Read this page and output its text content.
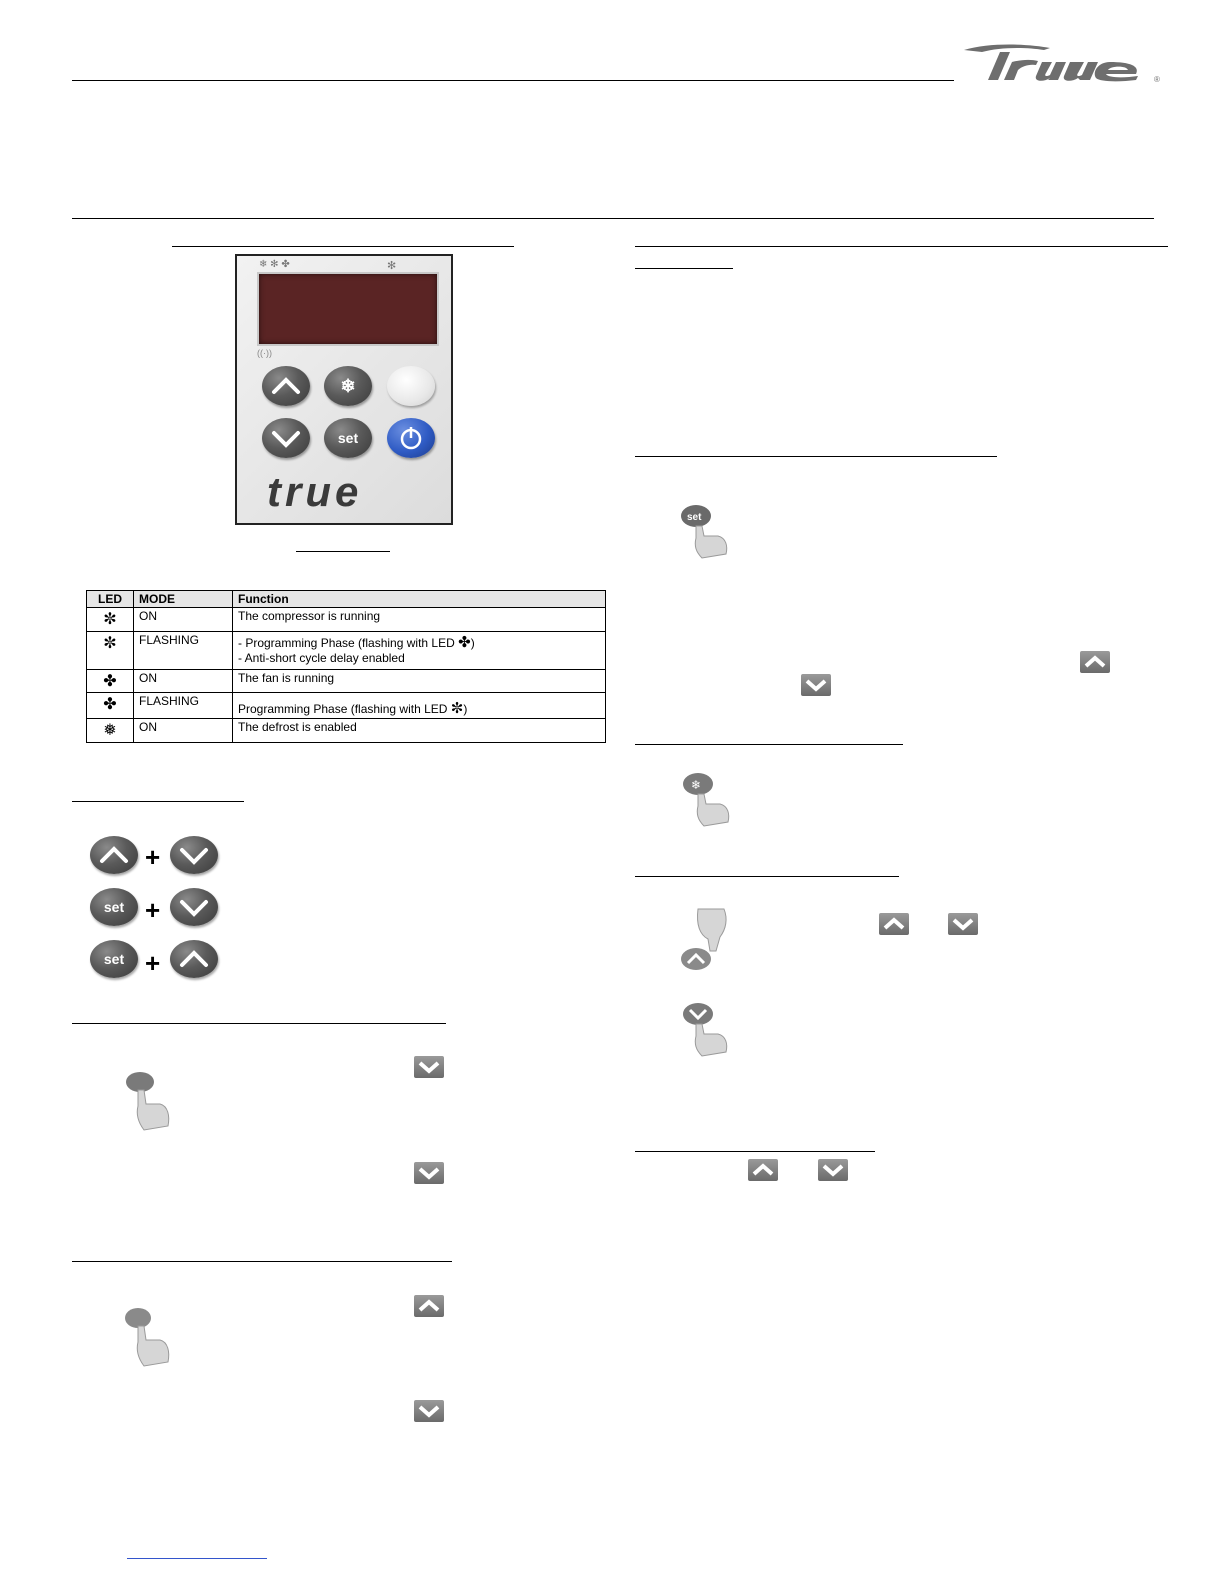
®
❄ ✻ ✤	✻
((·))
❄
set
true
LED	MODE	Function
✼	ON	The compressor is running
✼	FLASHING	- Programming Phase (flashing with LED ✤)
- Anti-short cycle delay enabled

✤	ON	The fan is running
✤	FLASHING	Programming Phase (flashing with LED ✼)
❅	ON	The defrost is enabled
+
set +
set +
set
❄
